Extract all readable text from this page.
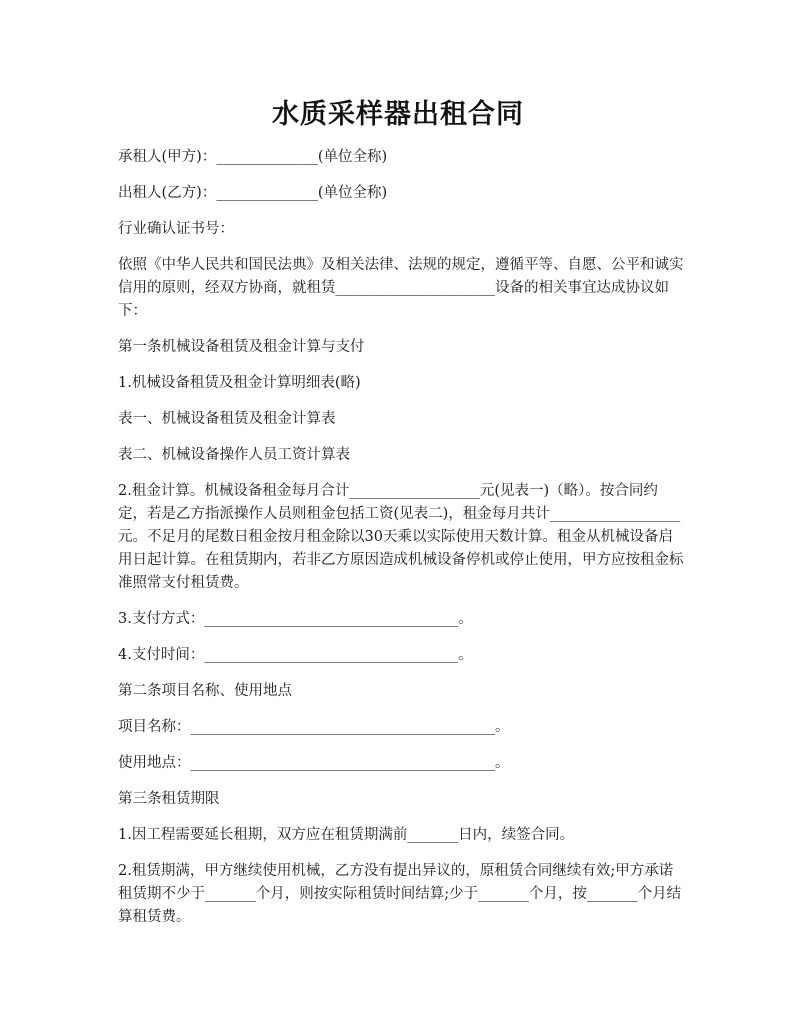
水质采样器出租合同

承租人(甲方)：______________(单位全称)

出租人(乙方)：______________(单位全称)

行业确认证书号：

依照《中华人民共和国民法典》及相关法律、法规的规定，遵循平等、自愿、公平和诚实信用的原则，经双方协商，就租赁______________________设备的相关事宜达成协议如下：

第一条机械设备租赁及租金计算与支付

1.机械设备租赁及租金计算明细表(略)

表一、机械设备租赁及租金计算表

表二、机械设备操作人员工资计算表

2.租金计算。机械设备租金每月合计__________________元(见表一)（略）。按合同约定，若是乙方指派操作人员则租金包括工资(见表二)，租金每月共计__________________元。不足月的尾数日租金按月租金除以30天乘以实际使用天数计算。租金从机械设备启用日起计算。在租赁期内，若非乙方原因造成机械设备停机或停止使用，甲方应按租金标准照常支付租赁费。

3.支付方式：___________________________________。

4.支付时间：___________________________________。

第二条项目名称、使用地点

项目名称：__________________________________________。

使用地点：__________________________________________。

第三条租赁期限

1.因工程需要延长租期，双方应在租赁期满前_______日内，续签合同。

2.租赁期满，甲方继续使用机械，乙方没有提出异议的，原租赁合同继续有效;甲方承诺租赁期不少于_______个月，则按实际租赁时间结算;少于_______个月，按_______个月结算租赁费。
